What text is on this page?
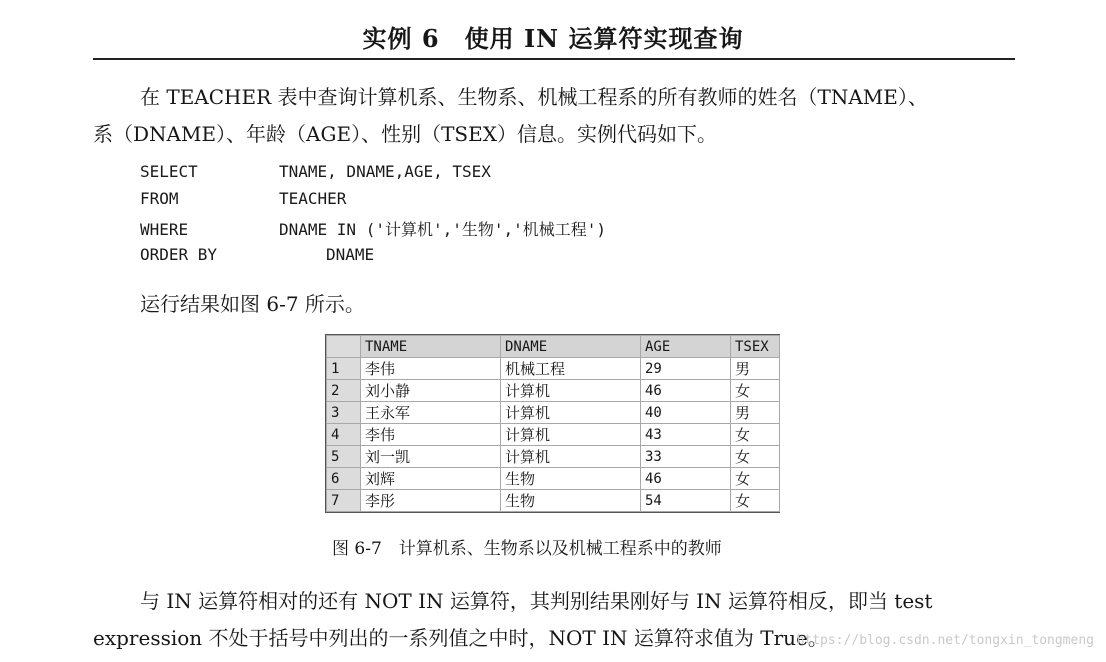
实例 6　使用 IN 运算符实现查询
在 TEACHER 表中查询计算机系、生物系、机械工程系的所有教师的姓名（TNAME）、
系（DNAME）、年龄（AGE）、性别（TSEX）信息。实例代码如下。
SELECT	TNAME, DNAME,AGE, TSEX
FROM	TEACHER
WHERE	DNAME IN ('计算机','生物','机械工程')
ORDER BY	DNAME
运行结果如图 6-7 所示。
	TNAME	DNAME	AGE	TSEX
1	李伟	机械工程	29	男
2	刘小静	计算机	46	女
3	王永军	计算机	40	男
4	李伟	计算机	43	女
5	刘一凯	计算机	33	女
6	刘辉	生物	46	女
7	李彤	生物	54	女
图 6-7　计算机系、生物系以及机械工程系中的教师
与 IN 运算符相对的还有 NOT IN 运算符，其判别结果刚好与 IN 运算符相反，即当 test
expression 不处于括号中列出的一系列值之中时，NOT IN 运算符求值为 True。
https://blog.csdn.net/tongxin_tongmeng
